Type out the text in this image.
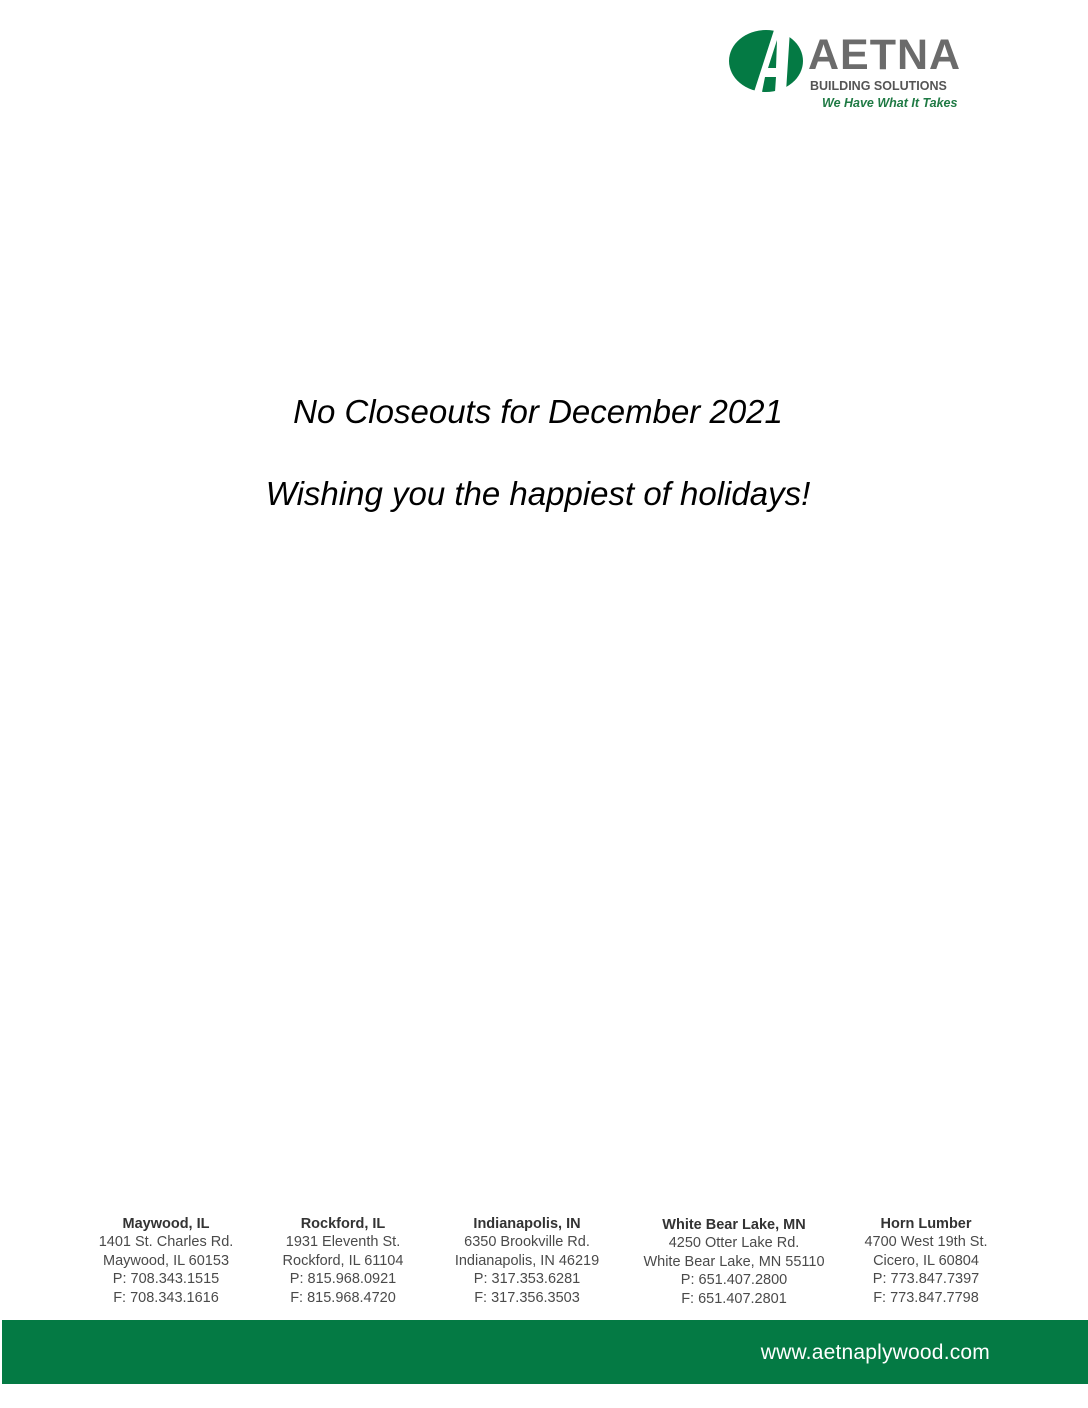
AETNA
BUILDING SOLUTIONS
We Have What It Takes
No Closeouts for December 2021
Wishing you the happiest of holidays!
Maywood, IL
1401 St. Charles Rd.
Maywood, IL 60153
P: 708.343.1515
F: 708.343.1616
Rockford, IL
1931 Eleventh St.
Rockford, IL 61104
P: 815.968.0921
F: 815.968.4720
Indianapolis, IN
6350 Brookville Rd.
Indianapolis, IN 46219
P: 317.353.6281
F: 317.356.3503
White Bear Lake, MN
4250 Otter Lake Rd.
White Bear Lake, MN 55110
P: 651.407.2800
F: 651.407.2801
Horn Lumber
4700 West 19th St.
Cicero, IL 60804
P: 773.847.7397
F: 773.847.7798
www.aetnaplywood.com
